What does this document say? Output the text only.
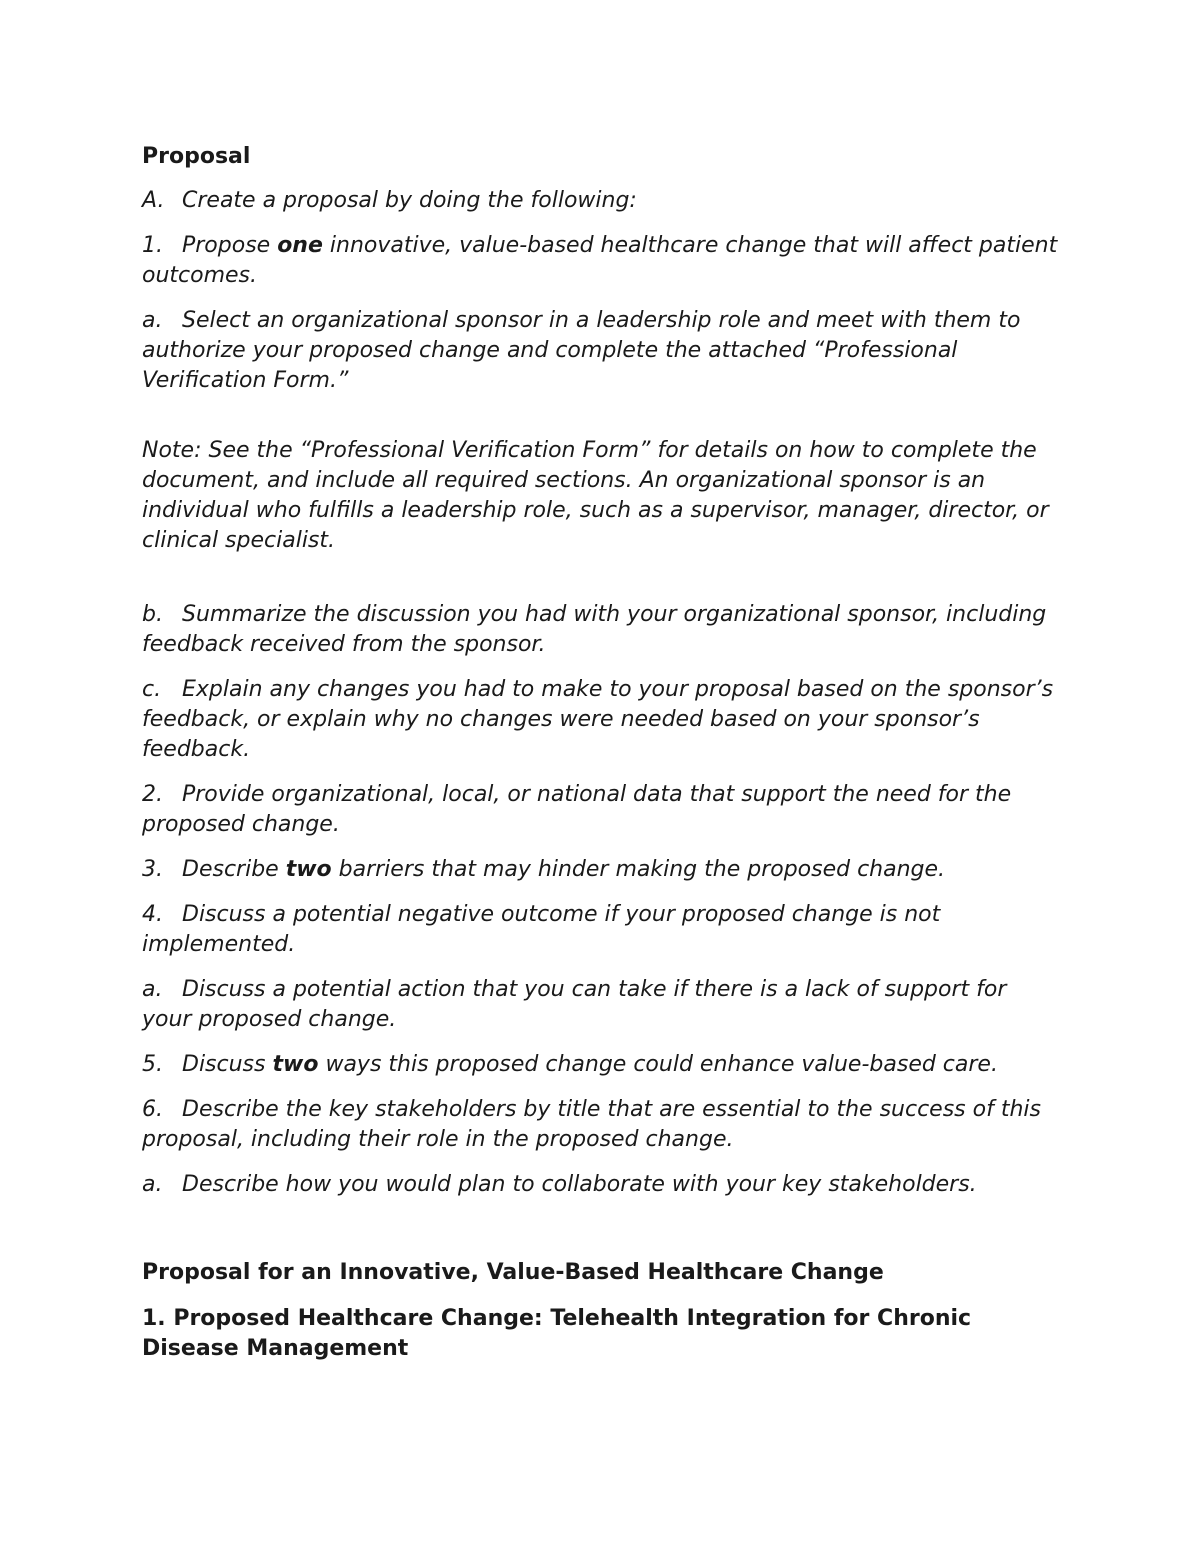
Proposal
A. Create a proposal by doing the following:
1. Propose one innovative, value-based healthcare change that will affect patient outcomes.
a. Select an organizational sponsor in a leadership role and meet with them to authorize your proposed change and complete the attached “Professional Verification Form.”
Note: See the “Professional Verification Form” for details on how to complete the document, and include all required sections. An organizational sponsor is an individual who fulfills a leadership role, such as a supervisor, manager, director, or clinical specialist.
b. Summarize the discussion you had with your organizational sponsor, including feedback received from the sponsor.
c. Explain any changes you had to make to your proposal based on the sponsor’s feedback, or explain why no changes were needed based on your sponsor’s feedback.
2. Provide organizational, local, or national data that support the need for the proposed change.
3. Describe two barriers that may hinder making the proposed change.
4. Discuss a potential negative outcome if your proposed change is not implemented.
a. Discuss a potential action that you can take if there is a lack of support for your proposed change.
5. Discuss two ways this proposed change could enhance value-based care.
6. Describe the key stakeholders by title that are essential to the success of this proposal, including their role in the proposed change.
a. Describe how you would plan to collaborate with your key stakeholders.
Proposal for an Innovative, Value-Based Healthcare Change
1. Proposed Healthcare Change: Telehealth Integration for Chronic Disease Management
